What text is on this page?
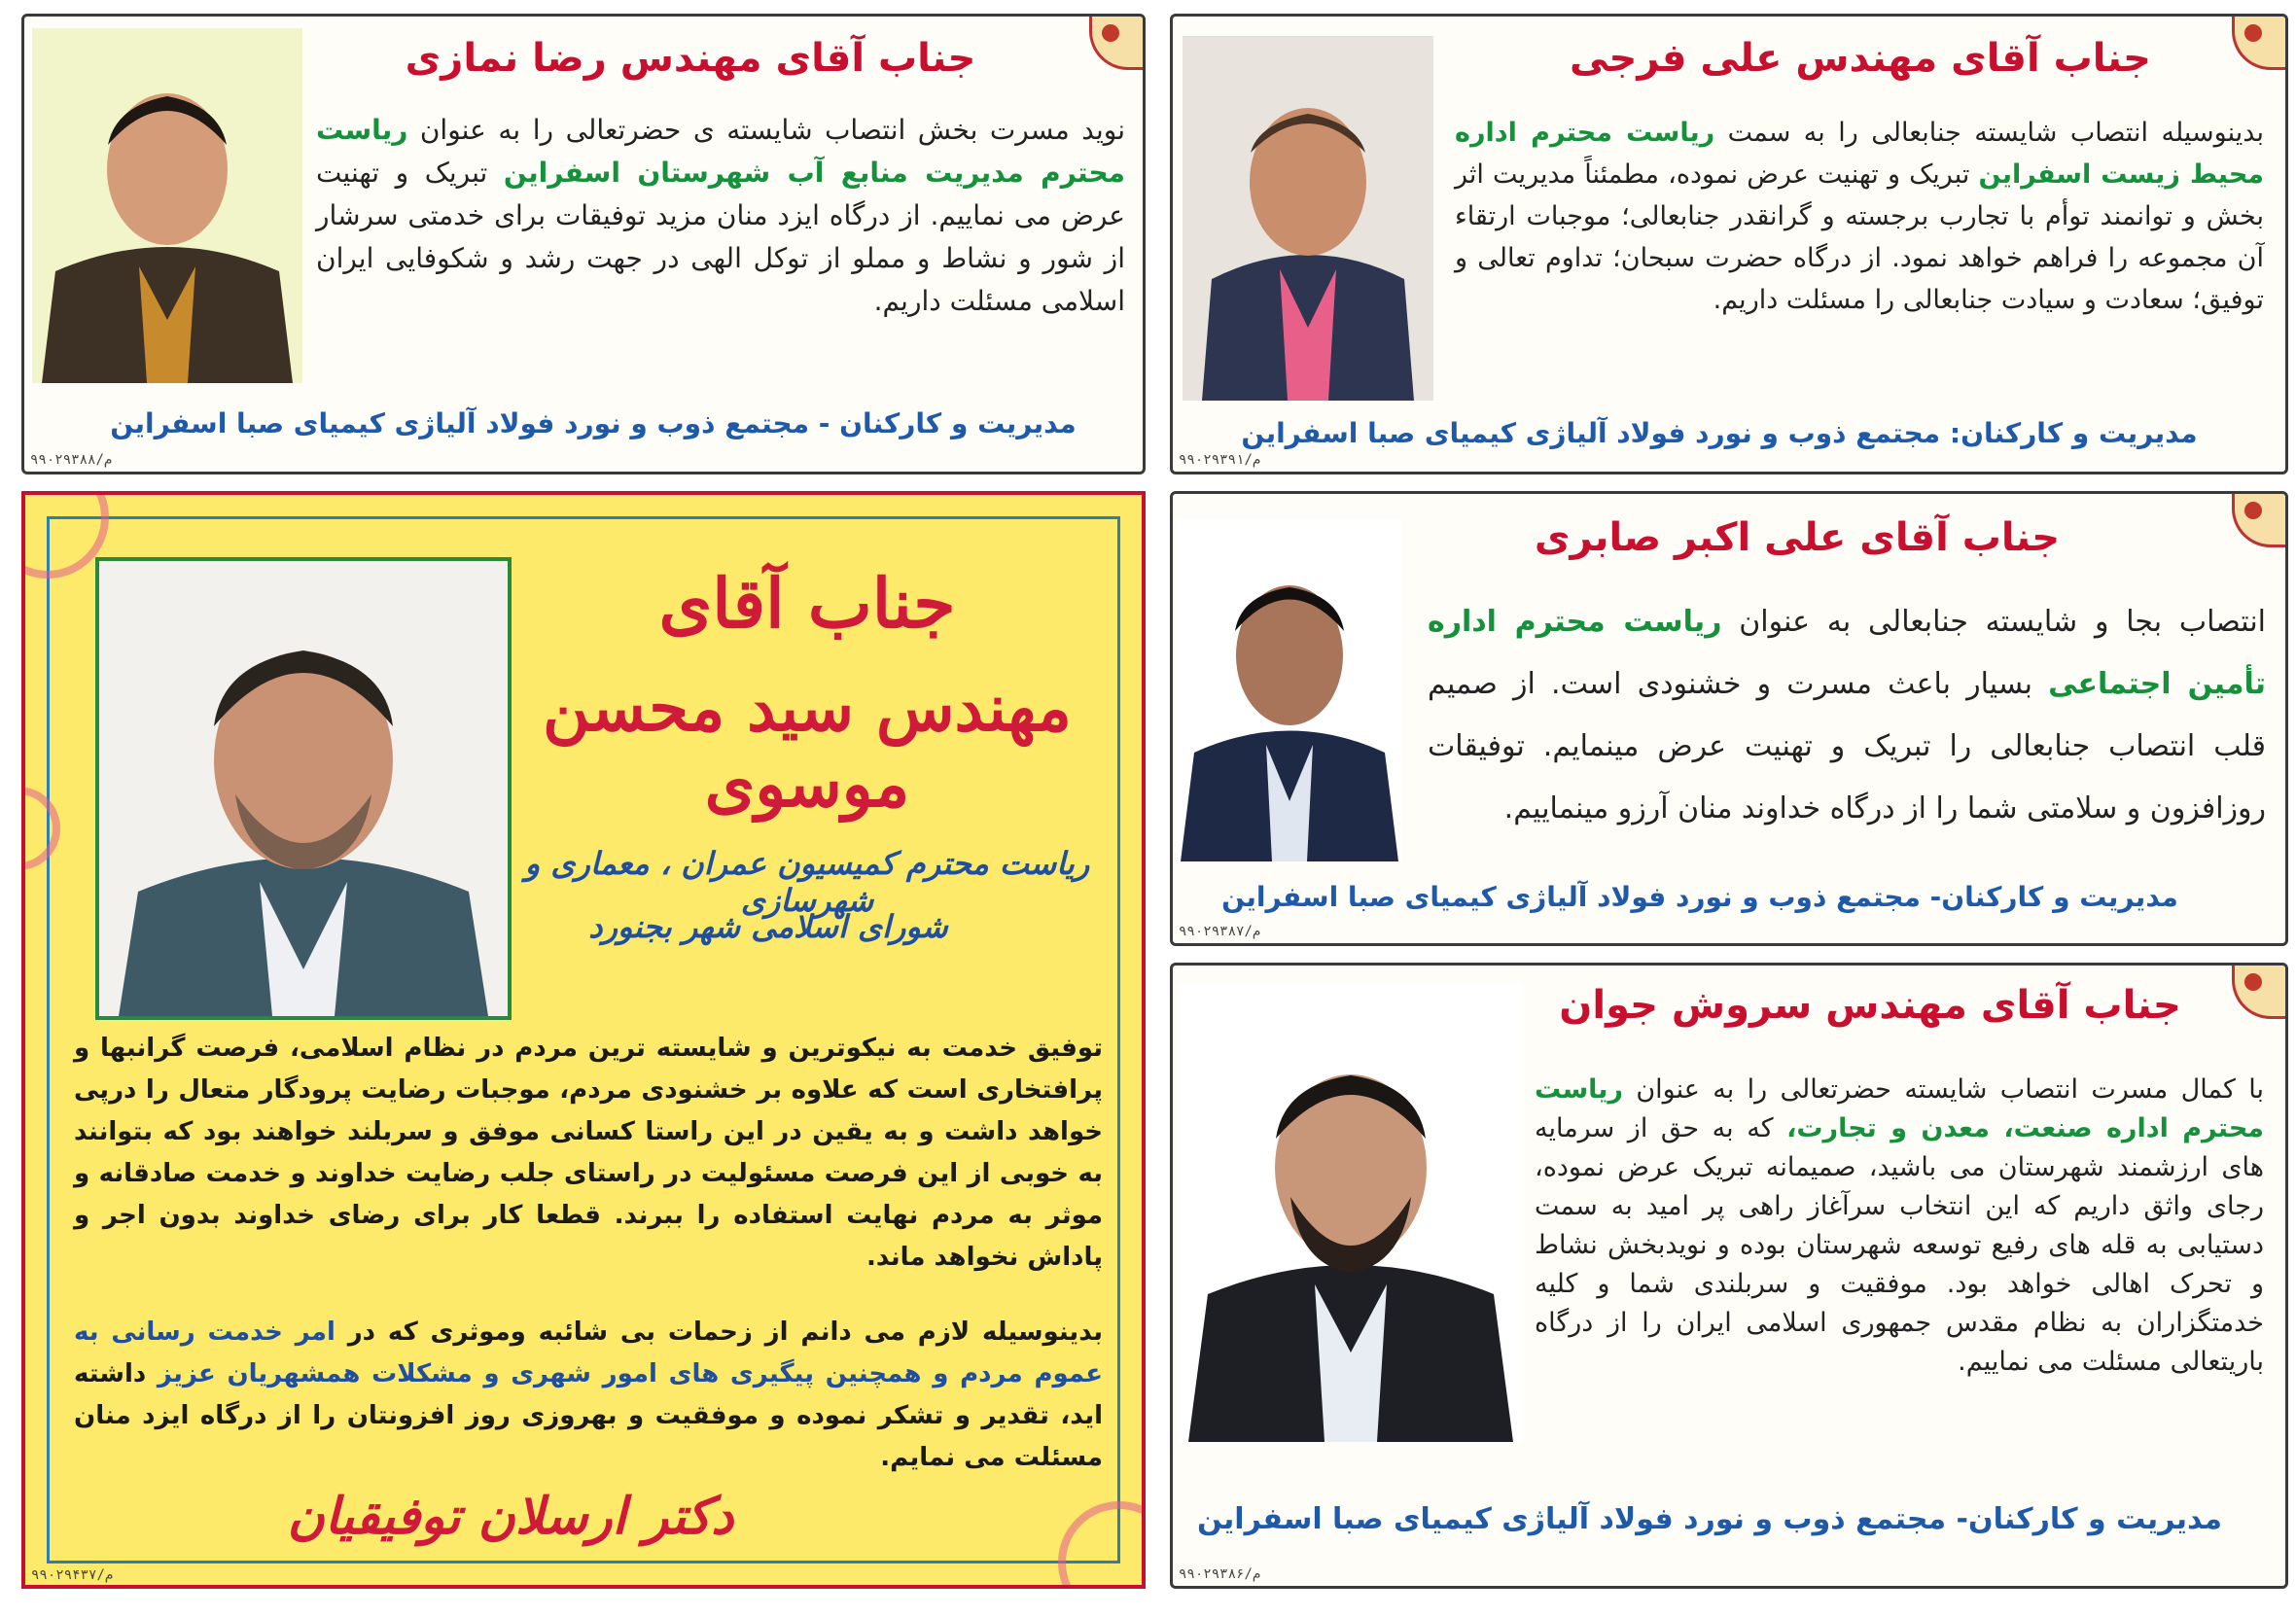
جناب آقای مهندس علی فرجی

بدینوسیله انتصاب شایسته جنابعالی را به سمت ریاست محترم اداره محیط زیست اسفراین تبریک و تهنیت عرض نموده، مطمئناً مدیریت اثر بخش و توانمند توأم با تجارب برجسته و گرانقدر جنابعالی؛ موجبات ارتقاء آن مجموعه را فراهم خواهد نمود. از درگاه حضرت سبحان؛ تداوم تعالی و توفیق؛ سعادت و سیادت جنابعالی را مسئلت داریم.

مدیریت و کارکنان: مجتمع ذوب و نورد فولاد آلیاژی کیمیای صبا اسفراین

م/۹۹۰۲۹۳۹۱
جناب آقای مهندس رضا نمازی

نوید مسرت بخش انتصاب شایسته ی حضرتعالی را به عنوان ریاست محترم مدیریت منابع آب شهرستان اسفراین تبریک و تهنیت عرض می نماییم. از درگاه ایزد منان مزید توفیقات برای خدمتی سرشار از شور و نشاط و مملو از توکل الهی در جهت رشد و شکوفایی ایران اسلامی مسئلت داریم.

مدیریت و کارکنان - مجتمع ذوب و نورد فولاد آلیاژی کیمیای صبا اسفراین

م/۹۹۰۲۹۳۸۸
جناب آقای علی اکبر صابری

انتصاب بجا و شایسته جنابعالی به عنوان ریاست محترم اداره تأمین اجتماعی بسیار باعث مسرت و خشنودی است. از صمیم قلب انتصاب جنابعالی را تبریک و تهنیت عرض مینمایم. توفیقات روزافزون و سلامتی شما را از درگاه خداوند منان آرزو مینماییم.

مدیریت و کارکنان- مجتمع ذوب و نورد فولاد آلیاژی کیمیای صبا اسفراین

م/۹۹۰۲۹۳۸۷
جناب آقای مهندس سروش جوان

با کمال مسرت انتصاب شایسته حضرتعالی را به عنوان ریاست محترم اداره صنعت، معدن و تجارت، که به حق از سرمایه های ارزشمند شهرستان می باشید، صمیمانه تبریک عرض نموده، رجای واثق داریم که این انتخاب سرآغاز راهی پر امید به سمت دستیابی به قله های رفیع توسعه شهرستان بوده و نویدبخش نشاط و تحرک اهالی خواهد بود. موفقیت و سربلندی شما و کلیه خدمتگزاران به نظام مقدس جمهوری اسلامی ایران را از درگاه باریتعالی مسئلت می نماییم.

مدیریت و کارکنان- مجتمع ذوب و نورد فولاد آلیاژی کیمیای صبا اسفراین

م/۹۹۰۲۹۳۸۶
جناب آقای
مهندس سید محسن موسوی

ریاست محترم کمیسیون عمران ، معماری و شهرسازی

شورای اسلامی شهر بجنورد

توفیق خدمت به نیکوترین و شایسته ترین مردم در نظام اسلامی، فرصت گرانبها و پرافتخاری است که علاوه بر خشنودی مردم، موجبات رضایت پرودگار متعال را درپی خواهد داشت و به یقین در این راستا کسانی موفق و سربلند خواهند بود که بتوانند به خوبی از این فرصت مسئولیت در راستای جلب رضایت خداوند و خدمت صادقانه و موثر به مردم نهایت استفاده را ببرند. قطعا کار برای رضای خداوند بدون اجر و پاداش نخواهد ماند.

بدینوسیله لازم می دانم از زحمات بی شائبه وموثری که در امر خدمت رسانی به عموم مردم و همچنین پیگیری های امور شهری و مشکلات همشهریان عزیز داشته اید، تقدیر و تشکر نموده و موفقیت و بهروزی روز افزونتان را از درگاه ایزد منان مسئلت می نمایم.

دکتر ارسلان توفیقیان

م/۹۹۰۲۹۴۳۷
